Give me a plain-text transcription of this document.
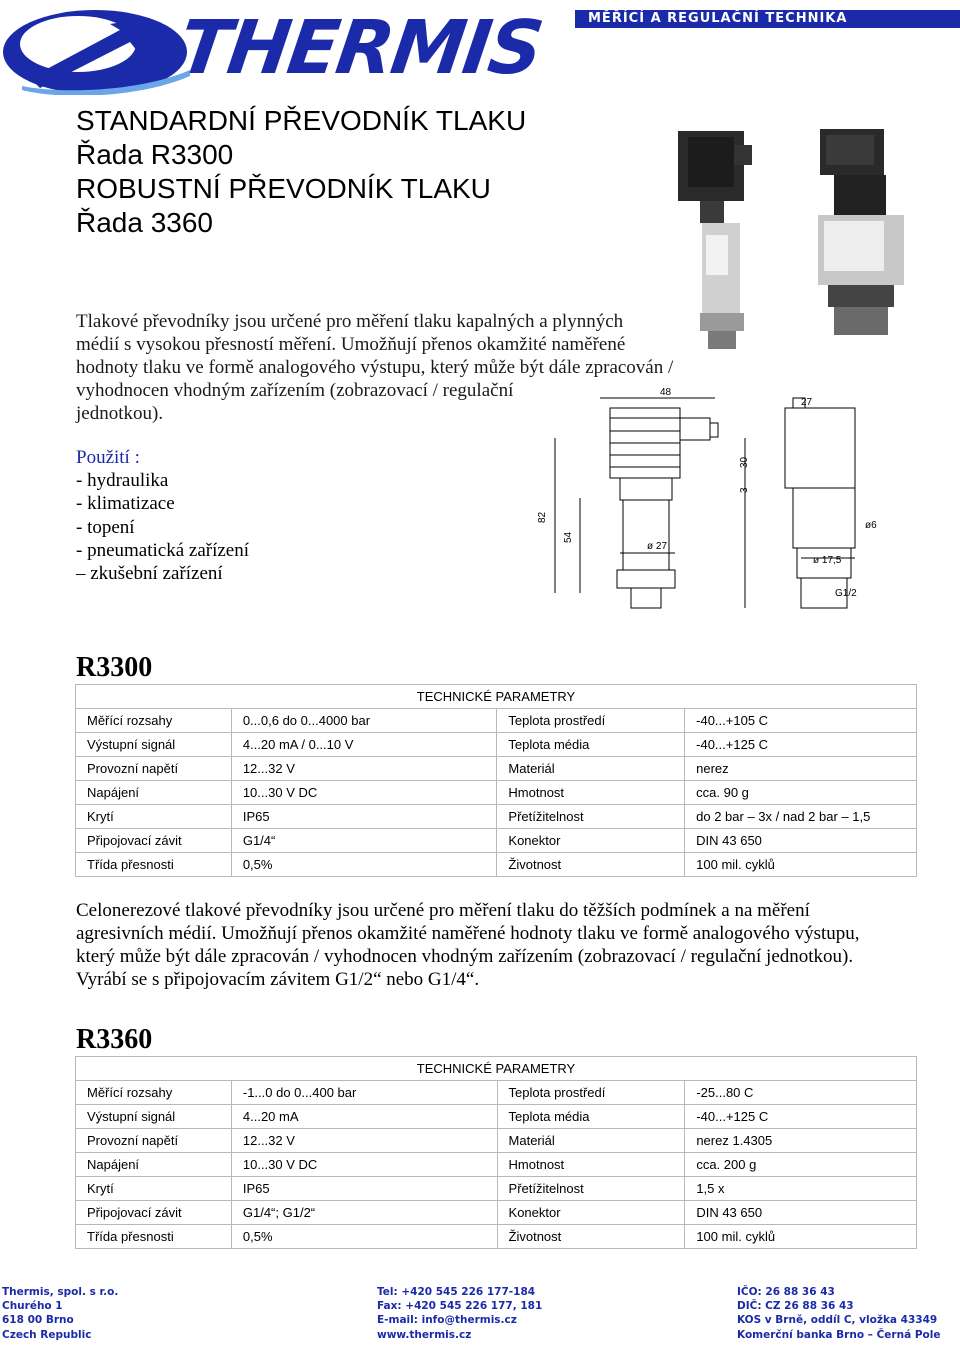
THERMIS	MĚŘÍCÍ A REGULAČNÍ TECHNIKA
STANDARDNÍ PŘEVODNÍK TLAKU
Řada R3300
ROBUSTNÍ PŘEVODNÍK TLAKU
Řada 3360
Tlakové převodníky jsou určené pro měření tlaku kapalných a plynných
médií s vysokou přesností měření. Umožňují přenos okamžité naměřené
hodnoty tlaku ve formě analogového výstupu, který může být dále zpracován /
vyhodnocen vhodným zařízením (zobrazovací / regulační
jednotkou).
Použití :
- hydraulika
- klimatizace
- topení
- pneumatická zařízení
– zkušební zařízení
48
82
54
ø 27
27
30
3
ø6
ø 17,5
G1/2
R3300
TECHNICKÉ PARAMETRY			
Měřící rozsahy	0...0,6 do 0...4000 bar	Teplota prostředí	-40...+105 C
Výstupní signál	4...20 mA / 0...10 V	Teplota média	-40...+125 C
Provozní napětí	12...32 V	Materiál	nerez
Napájení	10...30 V DC	Hmotnost	cca. 90 g
Krytí	IP65	Přetížitelnost	do 2 bar – 3x / nad 2 bar – 1,5
Připojovací závit	G1/4“	Konektor	DIN 43 650
Třída přesnosti	0,5%	Životnost	100 mil. cyklů
Celonerezové tlakové převodníky jsou určené pro měření tlaku do těžších podmínek a na měření
agresivních médií. Umožňují přenos okamžité naměřené hodnoty tlaku ve formě analogového výstupu,
který může být dále zpracován / vyhodnocen vhodným zařízením (zobrazovací / regulační jednotkou).
Vyrábí se s připojovacím závitem G1/2“ nebo G1/4“.
R3360
TECHNICKÉ PARAMETRY			
Měřící rozsahy	-1...0 do 0...400 bar	Teplota prostředí	-25...80 C
Výstupní signál	4...20 mA	Teplota média	-40...+125 C
Provozní napětí	12...32 V	Materiál	nerez 1.4305
Napájení	10...30 V DC	Hmotnost	cca. 200 g
Krytí	IP65	Přetížitelnost	1,5 x
Připojovací závit	G1/4“; G1/2“	Konektor	DIN 43 650
Třída přesnosti	0,5%	Životnost	100 mil. cyklů
Thermis, spol. s r.o.
Churého 1
618 00 Brno
Czech Republic
Tel: +420 545 226 177-184
Fax: +420 545 226 177, 181
E-mail: info@thermis.cz
www.thermis.cz
IČO: 26 88 36 43
DIČ: CZ 26 88 36 43
KOS v Brně, oddíl C, vložka 43349
Komerční banka Brno – Černá Pole
